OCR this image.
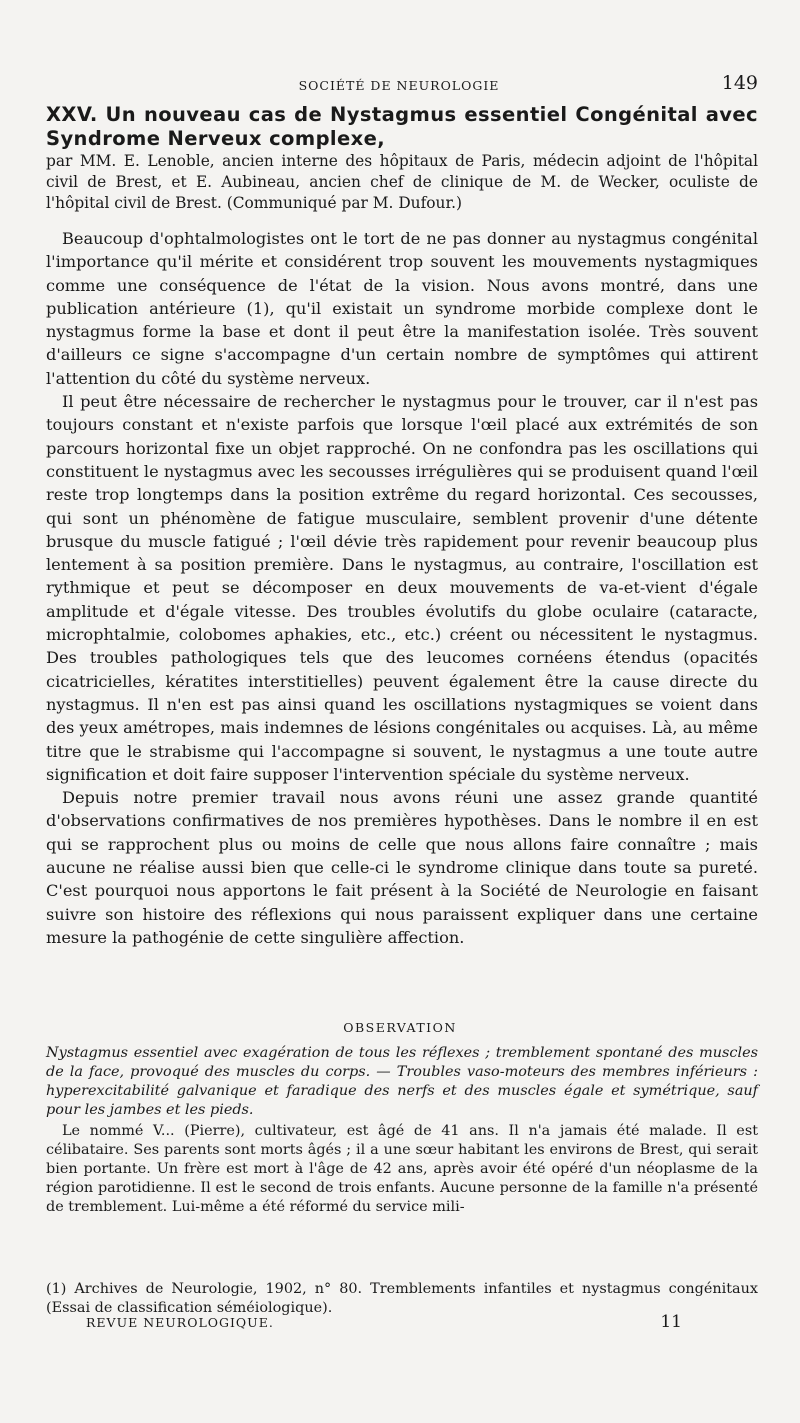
SOCIÉTÉ DE NEUROLOGIE	149

XXV. Un nouveau cas de Nystagmus essentiel Congénital avec Syndrome Nerveux complexe,

par MM. E. Lenoble, ancien interne des hôpitaux de Paris, médecin adjoint de l'hôpital civil de Brest, et E. Aubineau, ancien chef de clinique de M. de Wecker, oculiste de l'hôpital civil de Brest. (Communiqué par M. Dufour.)

Beaucoup d'ophtalmologistes ont le tort de ne pas donner au nystagmus congénital l'importance qu'il mérite et considérent trop souvent les mouvements nystagmiques comme une conséquence de l'état de la vision. Nous avons montré, dans une publication antérieure (1), qu'il existait un syndrome morbide complexe dont le nystagmus forme la base et dont il peut être la manifestation isolée. Très souvent d'ailleurs ce signe s'accompagne d'un certain nombre de symptômes qui attirent l'attention du côté du système nerveux.

Il peut être nécessaire de rechercher le nystagmus pour le trouver, car il n'est pas toujours constant et n'existe parfois que lorsque l'œil placé aux extrémités de son parcours horizontal fixe un objet rapproché. On ne confondra pas les oscillations qui constituent le nystagmus avec les secousses irrégulières qui se produisent quand l'œil reste trop longtemps dans la position extrême du regard horizontal. Ces secousses, qui sont un phénomène de fatigue musculaire, semblent provenir d'une détente brusque du muscle fatigué ; l'œil dévie très rapidement pour revenir beaucoup plus lentement à sa position première. Dans le nystagmus, au contraire, l'oscillation est rythmique et peut se décomposer en deux mouvements de va-et-vient d'égale amplitude et d'égale vitesse. Des troubles évolutifs du globe oculaire (cataracte, microphtalmie, colobomes aphakies, etc., etc.) créent ou nécessitent le nystagmus. Des troubles pathologiques tels que des leucomes cornéens étendus (opacités cicatricielles, kératites interstitielles) peuvent également être la cause directe du nystagmus. Il n'en est pas ainsi quand les oscillations nystagmiques se voient dans des yeux amétropes, mais indemnes de lésions congénitales ou acquises. Là, au même titre que le strabisme qui l'accompagne si souvent, le nystagmus a une toute autre signification et doit faire supposer l'intervention spéciale du système nerveux.

Depuis notre premier travail nous avons réuni une assez grande quantité d'observations confirmatives de nos premières hypothèses. Dans le nombre il en est qui se rapprochent plus ou moins de celle que nous allons faire connaître ; mais aucune ne réalise aussi bien que celle-ci le syndrome clinique dans toute sa pureté. C'est pourquoi nous apportons le fait présent à la Société de Neurologie en faisant suivre son histoire des réflexions qui nous paraissent expliquer dans une certaine mesure la pathogénie de cette singulière affection.

OBSERVATION

Nystagmus essentiel avec exagération de tous les réflexes ; tremblement spontané des muscles de la face, provoqué des muscles du corps. — Troubles vaso-moteurs des membres inférieurs : hyperexcitabilité galvanique et faradique des nerfs et des muscles égale et symétrique, sauf pour les jambes et les pieds.

Le nommé V... (Pierre), cultivateur, est âgé de 41 ans. Il n'a jamais été malade. Il est célibataire. Ses parents sont morts âgés ; il a une sœur habitant les environs de Brest, qui serait bien portante. Un frère est mort à l'âge de 42 ans, après avoir été opéré d'un néoplasme de la région parotidienne. Il est le second de trois enfants. Aucune personne de la famille n'a présenté de tremblement. Lui-même a été réformé du service mili-

(1) Archives de Neurologie, 1902, n° 80. Tremblements infantiles et nystagmus congénitaux (Essai de classification séméiologique).

REVUE NEUROLOGIQUE.	11
